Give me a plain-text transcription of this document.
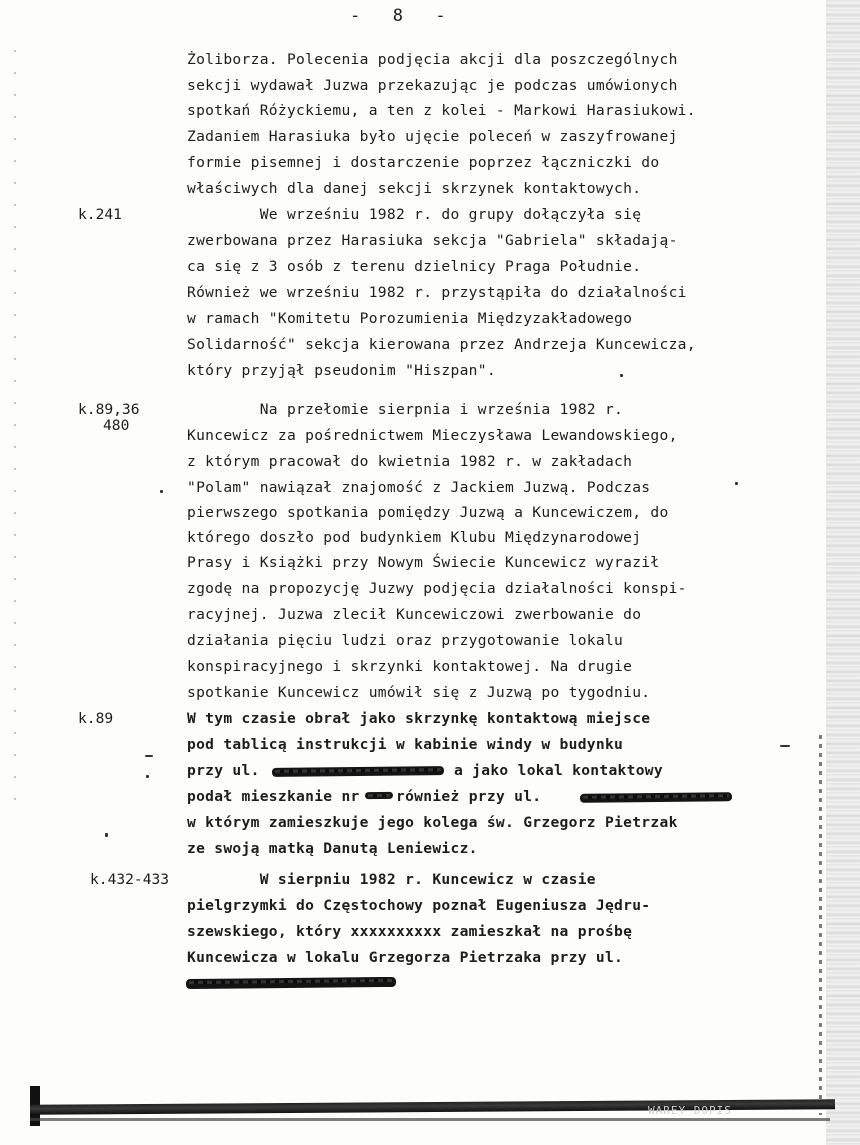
-  8  -
k.241
k.89,36
480
k.89
k.432-433
Żoliborza. Polecenia podjęcia akcji dla poszczególnych
sekcji wydawał Juzwa przekazując je podczas umówionych
spotkań Różyckiemu, a ten z kolei - Markowi Harasiukowi.
Zadaniem Harasiuka było ujęcie poleceń w zaszyfrowanej
formie pisemnej i dostarczenie poprzez łączniczki do
właściwych dla danej sekcji skrzynek kontaktowych.
We wrześniu 1982 r. do grupy dołączyła się
zwerbowana przez Harasiuka sekcja "Gabriela" składają-
ca się z 3 osób z terenu dzielnicy Praga Południe.
Również we wrześniu 1982 r. przystąpiła do działalności
w ramach "Komitetu Porozumienia Międzyzakładowego
Solidarność" sekcja kierowana przez Andrzeja Kuncewicza,
który przyjął pseudonim "Hiszpan".
Na przełomie sierpnia i września 1982 r.
Kuncewicz za pośrednictwem Mieczysława Lewandowskiego,
z którym pracował do kwietnia 1982 r. w zakładach
"Polam" nawiązał znajomość z Jackiem Juzwą. Podczas
pierwszego spotkania pomiędzy Juzwą a Kuncewiczem, do
którego doszło pod budynkiem Klubu Międzynarodowej
Prasy i Książki przy Nowym Świecie Kuncewicz wyraził
zgodę na propozycję Juzwy podjęcia działalności konspi-
racyjnej. Juzwa zlecił Kuncewiczowi zwerbowanie do
działania pięciu ludzi oraz przygotowanie lokalu
konspiracyjnego i skrzynki kontaktowej. Na drugie
spotkanie Kuncewicz umówił się z Juzwą po tygodniu.
W tym czasie obrał jako skrzynkę kontaktową miejsce
pod tablicą instrukcji w kabinie windy w budynku
przy ul.	a jako lokal kontaktowy
podał mieszkanie nr również przy ul.
w którym zamieszkuje jego kolega św. Grzegorz Pietrzak
ze swoją matką Danutą Leniewicz.
W sierpniu 1982 r. Kuncewicz w czasie
pielgrzymki do Częstochowy poznał Eugeniusza Jędru-
szewskiego, który xxxxxxxxxx zamieszkał na prośbę
Kuncewicza w lokalu Grzegorza Pietrzaka przy ul.
WAREY DOPIS
